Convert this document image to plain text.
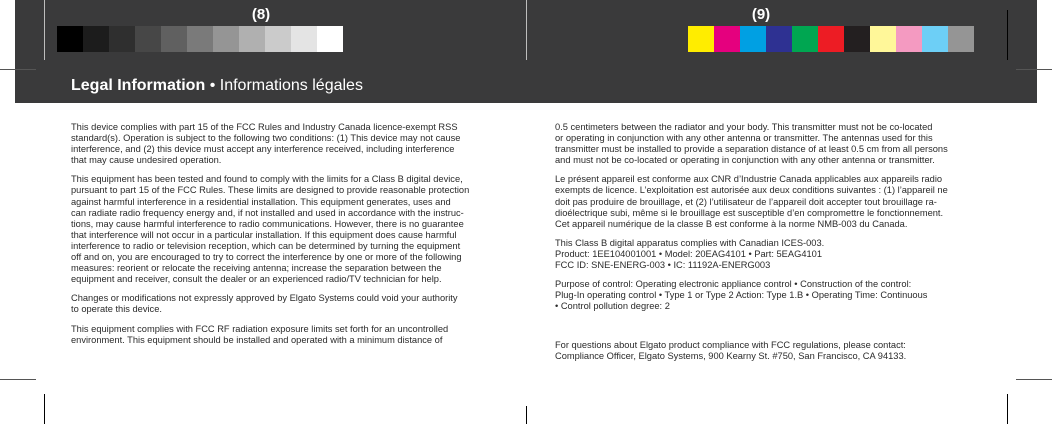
(8)	(9)
Legal Information • Informations légales

This device complies with part 15 of the FCC Rules and Industry Canada licence-exempt RSS
standard(s). Operation is subject to the following two conditions: (1) This device may not cause
interference, and (2) this device must accept any interference received, including interference
that may cause undesired operation.

This equipment has been tested and found to comply with the limits for a Class B digital device,
pursuant to part 15 of the FCC Rules. These limits are designed to provide reasonable protection
against harmful interference in a residential installation. This equipment generates, uses and
can radiate radio frequency energy and, if not installed and used in accordance with the instruc-
tions, may cause harmful interference to radio communications. However, there is no guarantee
that interference will not occur in a particular installation. If this equipment does cause harmful
interference to radio or television reception, which can be determined by turning the equipment
off and on, you are encouraged to try to correct the interference by one or more of the following
measures: reorient or relocate the receiving antenna; increase the separation between the
equipment and receiver, consult the dealer or an experienced radio/TV technician for help.

Changes or modifications not expressly approved by Elgato Systems could void your authority
to operate this device.

This equipment complies with FCC RF radiation exposure limits set forth for an uncontrolled
environment. This equipment should be installed and operated with a minimum distance of

0.5 centimeters between the radiator and your body. This transmitter must not be co-located
or operating in conjunction with any other antenna or transmitter. The antennas used for this
transmitter must be installed to provide a separation distance of at least 0.5 cm from all persons
and must not be co-located or operating in conjunction with any other antenna or transmitter.

Le présent appareil est conforme aux CNR d’Industrie Canada applicables aux appareils radio
exempts de licence. L’exploitation est autorisée aux deux conditions suivantes : (1) l’appareil ne
doit pas produire de brouillage, et (2) l’utilisateur de l’appareil doit accepter tout brouillage ra-
dioélectrique subi, même si le brouillage est susceptible d’en compromettre le fonctionnement.
Cet appareil numérique de la classe B est conforme à la norme NMB-003 du Canada.

This Class B digital apparatus complies with Canadian ICES-003.
Product: 1EE104001001 • Model: 20EAG4101 • Part: 5EAG4101
FCC ID: SNE-ENERG-003 • IC: 11192A-ENERG003

Purpose of control: Operating electronic appliance control • Construction of the control:
Plug-In operating control • Type 1 or Type 2 Action: Type 1.B • Operating Time: Continuous
• Control pollution degree: 2

For questions about Elgato product compliance with FCC regulations, please contact:
Compliance Officer, Elgato Systems, 900 Kearny St. #750, San Francisco, CA 94133.
